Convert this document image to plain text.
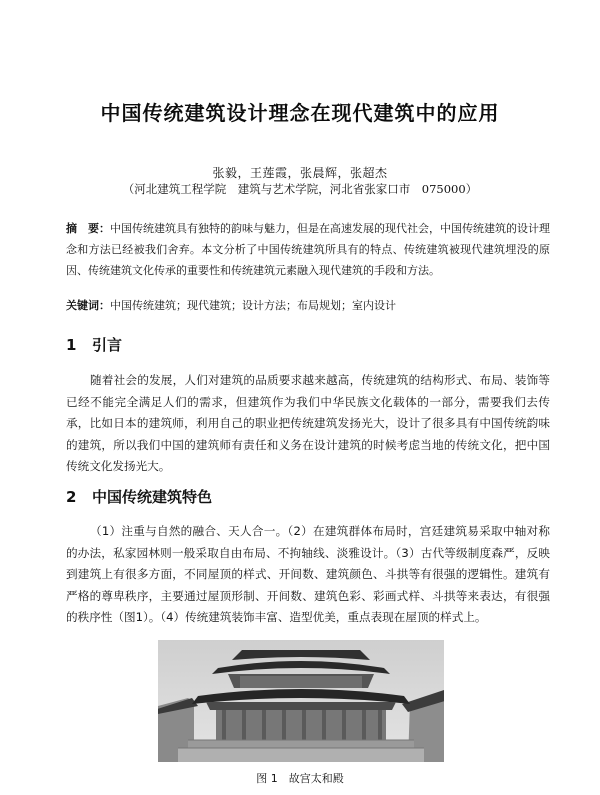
中国传统建筑设计理念在现代建筑中的应用
张毅，王莲霞，张晨辉，张超杰
（河北建筑工程学院　建筑与艺术学院，河北省张家口市　075000）
摘　要：中国传统建筑具有独特的韵味与魅力，但是在高速发展的现代社会，中国传统建筑的设计理念和方法已经被我们舍弃。本文分析了中国传统建筑所具有的特点、传统建筑被现代建筑埋没的原因、传统建筑文化传承的重要性和传统建筑元素融入现代建筑的手段和方法。
关键词：中国传统建筑；现代建筑；设计方法；布局规划；室内设计
1 引言
随着社会的发展，人们对建筑的品质要求越来越高，传统建筑的结构形式、布局、装饰等已经不能完全满足人们的需求，但建筑作为我们中华民族文化载体的一部分，需要我们去传承，比如日本的建筑师，利用自己的职业把传统建筑发扬光大，设计了很多具有中国传统韵味的建筑，所以我们中国的建筑师有责任和义务在设计建筑的时候考虑当地的传统文化，把中国传统文化发扬光大。
2 中国传统建筑特色
（1）注重与自然的融合、天人合一。（2）在建筑群体布局时，宫廷建筑易采取中轴对称的办法，私家园林则一般采取自由布局、不拘轴线、淡雅设计。（3）古代等级制度森严，反映到建筑上有很多方面，不同屋顶的样式、开间数、建筑颜色、斗拱等有很强的逻辑性。建筑有严格的尊卑秩序，主要通过屋顶形制、开间数、建筑色彩、彩画式样、斗拱等来表达，有很强的秩序性（图1）。（4）传统建筑装饰丰富、造型优美，重点表现在屋顶的样式上。
图 1　故宫太和殿
